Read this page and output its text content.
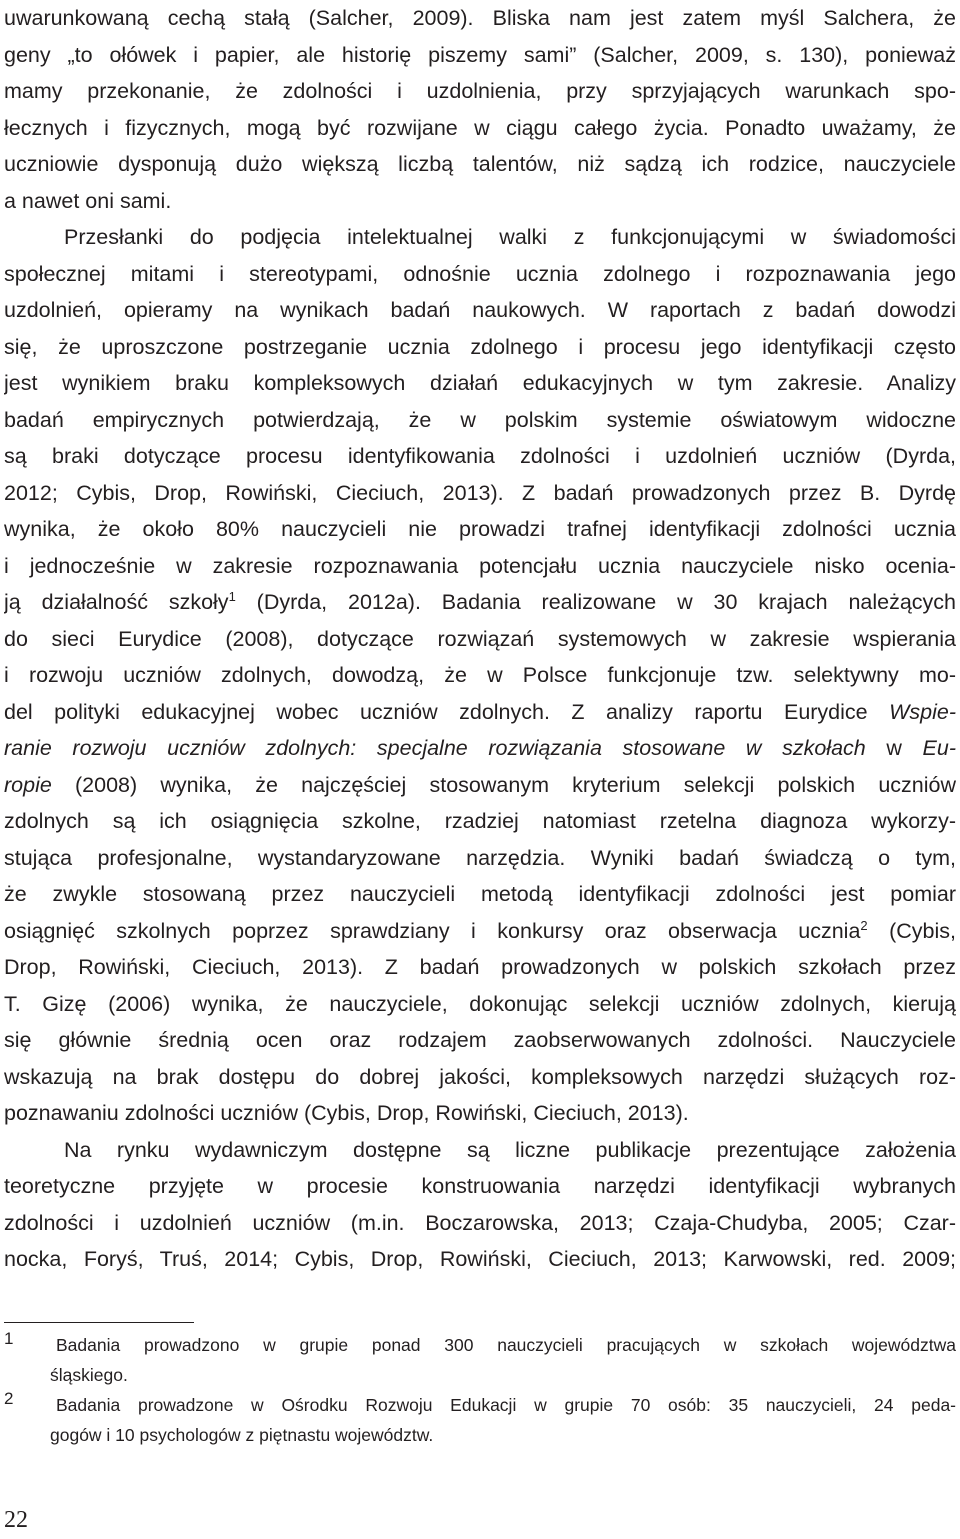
uwarunkowaną cechą stałą (Salcher, 2009). Bliska nam jest zatem myśl Salchera, że
geny „to ołówek i papier, ale historię piszemy sami” (Salcher, 2009, s. 130), ponieważ
mamy przekonanie, że zdolności i uzdolnienia, przy sprzyjających warunkach spo-
łecznych i fizycznych, mogą być rozwijane w ciągu całego życia. Ponadto uważamy, że
uczniowie dysponują dużo większą liczbą talentów, niż sądzą ich rodzice, nauczyciele
a nawet oni sami.

Przesłanki do podjęcia intelektualnej walki z funkcjonującymi w świadomości
społecznej mitami i stereotypami, odnośnie ucznia zdolnego i rozpoznawania jego
uzdolnień, opieramy na wynikach badań naukowych. W raportach z badań dowodzi
się, że uproszczone postrzeganie ucznia zdolnego i procesu jego identyfikacji często
jest wynikiem braku kompleksowych działań edukacyjnych w tym zakresie. Analizy
badań empirycznych potwierdzają, że w polskim systemie oświatowym widoczne
są braki dotyczące procesu identyfikowania zdolności i uzdolnień uczniów (Dyrda,
2012; Cybis, Drop, Rowiński, Cieciuch, 2013). Z badań prowadzonych przez B. Dyrdę
wynika, że około 80% nauczycieli nie prowadzi trafnej identyfikacji zdolności ucznia
i jednocześnie w zakresie rozpoznawania potencjału ucznia nauczyciele nisko ocenia-
ją działalność szkoły$^1$ (Dyrda, 2012a). Badania realizowane w 30 krajach należących
do sieci Eurydice (2008), dotyczące rozwiązań systemowych w zakresie wspierania
i rozwoju uczniów zdolnych, dowodzą, że w Polsce funkcjonuje tzw. selektywny mo-
del polityki edukacyjnej wobec uczniów zdolnych. Z analizy raportu Eurydice Wspie-
ranie rozwoju uczniów zdolnych: specjalne rozwiązania stosowane w szkołach w Eu-
ropie (2008) wynika, że najczęściej stosowanym kryterium selekcji polskich uczniów
zdolnych są ich osiągnięcia szkolne, rzadziej natomiast rzetelna diagnoza wykorzy-
stująca profesjonalne, wystandaryzowane narzędzia. Wyniki badań świadczą o tym,
że zwykle stosowaną przez nauczycieli metodą identyfikacji zdolności jest pomiar
osiągnięć szkolnych poprzez sprawdziany i konkursy oraz obserwacja ucznia$^2$ (Cybis,
Drop, Rowiński, Cieciuch, 2013). Z badań prowadzonych w polskich szkołach przez
T. Gizę (2006) wynika, że nauczyciele, dokonując selekcji uczniów zdolnych, kierują
się głównie średnią ocen oraz rodzajem zaobserwowanych zdolności. Nauczyciele
wskazują na brak dostępu do dobrej jakości, kompleksowych narzędzi służących roz-
poznawaniu zdolności uczniów (Cybis, Drop, Rowiński, Cieciuch, 2013).

Na rynku wydawniczym dostępne są liczne publikacje prezentujące założenia
teoretyczne przyjęte w procesie konstruowania narzędzi identyfikacji wybranych
zdolności i uzdolnień uczniów (m.in. Boczarowska, 2013; Czaja-Chudyba, 2005; Czar-
nocka, Foryś, Truś, 2014; Cybis, Drop, Rowiński, Cieciuch, 2013; Karwowski, red. 2009;

1 Badania prowadzono w grupie ponad 300 nauczycieli pracujących w szkołach województwa
śląskiego.
2 Badania prowadzone w Ośrodku Rozwoju Edukacji w grupie 70 osób: 35 nauczycieli, 24 peda-
gogów i 10 psychologów z piętnastu województw.
22
